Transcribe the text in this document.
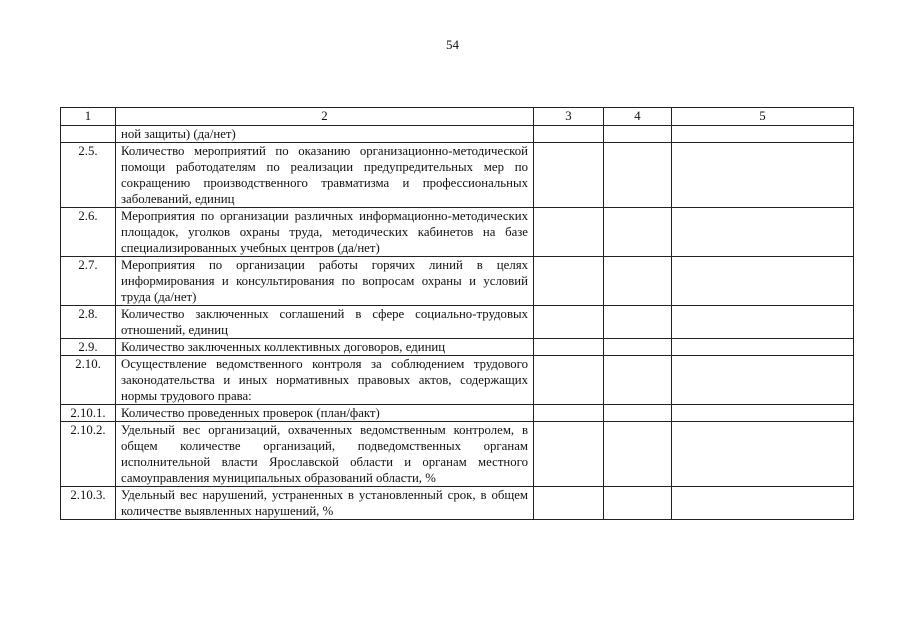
54
1	2	3	4	5
	ной защиты) (да/нет)			
2.5.	Количество мероприятий по оказанию организационно-методической помощи работодателям по реализации предупредительных мер по сокращению производственного травматизма и профессиональных заболеваний, единиц			
2.6.	Мероприятия по организации различных информационно-методических площадок, уголков охраны труда, методических кабинетов на базе специализированных учебных центров (да/нет)			
2.7.	Мероприятия по организации работы горячих линий в целях информирования и консультирования по вопросам охраны и условий труда (да/нет)			
2.8.	Количество заключенных соглашений в сфере социально-трудовых отношений, единиц			
2.9.	Количество заключенных коллективных договоров, единиц			
2.10.	Осуществление ведомственного контроля за соблюдением трудового законодательства и иных нормативных правовых актов, содержащих нормы трудового права:			
2.10.1.	Количество проведенных проверок (план/факт)			
2.10.2.	Удельный вес организаций, охваченных ведомственным контролем, в общем количестве организаций, подведомственных органам исполнительной власти Ярославской области и органам местного самоуправления муниципальных образований области, %			
2.10.3.	Удельный вес нарушений, устраненных в установленный срок, в общем количестве выявленных нарушений, %			
